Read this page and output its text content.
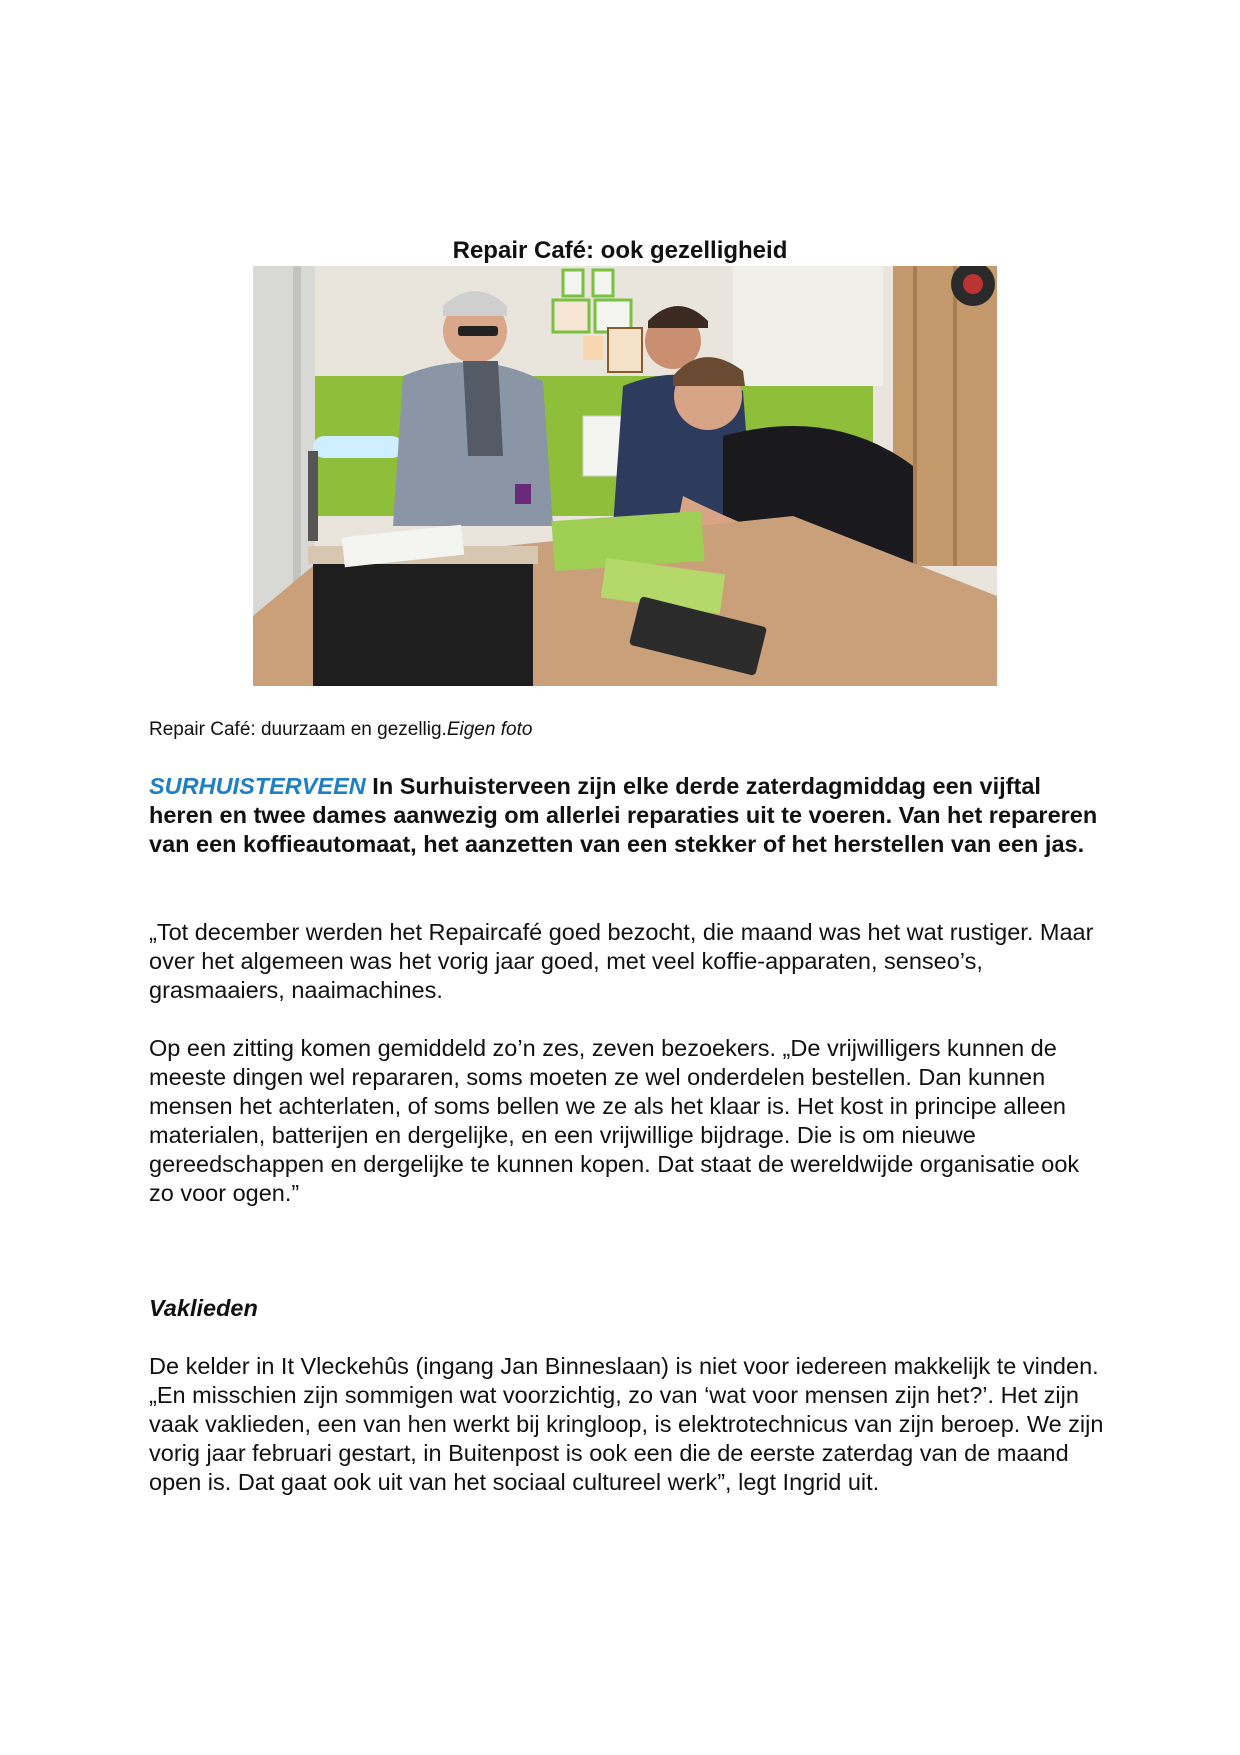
Repair Café: ook gezelligheid

Repair Café: duurzaam en gezellig.Eigen foto

SURHUISTERVEEN In Surhuisterveen zijn elke derde zaterdagmiddag een vijftal heren en twee dames aanwezig om allerlei reparaties uit te voeren. Van het repareren van een koffieautomaat, het aanzetten van een stekker of het herstellen van een jas.

„Tot december werden het Repaircafé goed bezocht, die maand was het wat rustiger. Maar over het algemeen was het vorig jaar goed, met veel koffie-apparaten, senseo’s, grasmaaiers, naaimachines.

Op een zitting komen gemiddeld zo’n zes, zeven bezoekers. „De vrijwilligers kunnen de meeste dingen wel repararen, soms moeten ze wel onderdelen bestellen. Dan kunnen mensen het achterlaten, of soms bellen we ze als het klaar is. Het kost in principe alleen materialen, batterijen en dergelijke, en een vrijwillige bijdrage. Die is om nieuwe gereedschappen en dergelijke te kunnen kopen. Dat staat de wereldwijde organisatie ook zo voor ogen.”

Vaklieden

De kelder in It Vleckehûs (ingang Jan Binneslaan) is niet voor iedereen makkelijk te vinden. „En misschien zijn sommigen wat voorzichtig, zo van ‘wat voor mensen zijn het?’. Het zijn vaak vaklieden, een van hen werkt bij kringloop, is elektrotechnicus van zijn beroep. We zijn vorig jaar februari gestart, in Buitenpost is ook een die de eerste zaterdag van de maand open is. Dat gaat ook uit van het sociaal cultureel werk”, legt Ingrid uit.
